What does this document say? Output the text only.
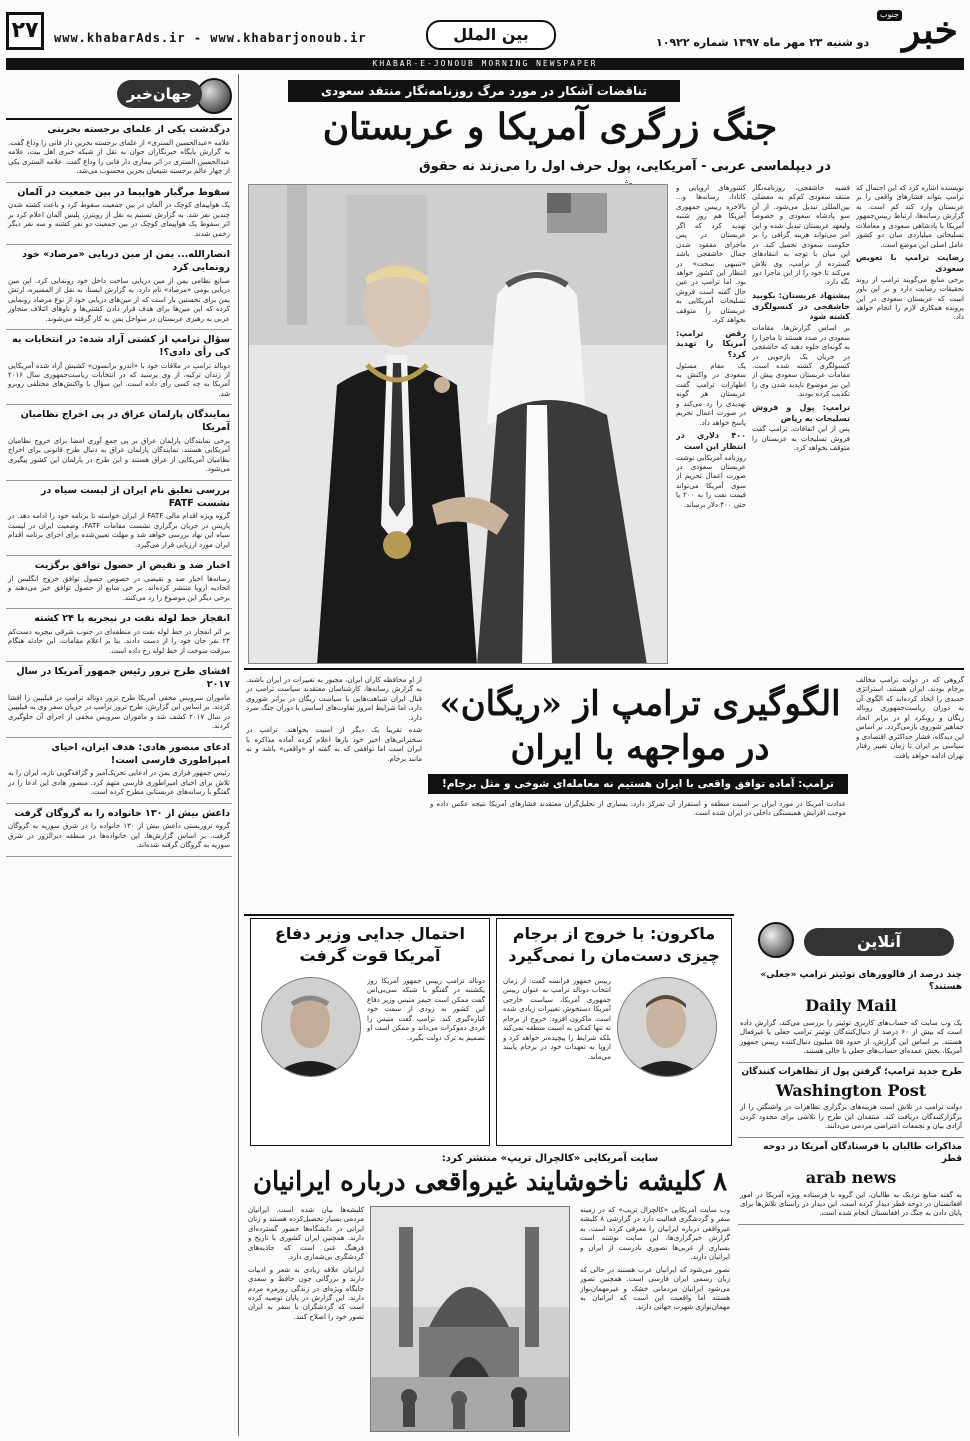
۲۷	www.khabarAds.ir - www.khabarjonoub.ir	بین الملل	دو شنبه ۲۳ مهر ماه ۱۳۹۷ شماره ۱۰۹۲۲ خبر
جنوب
KHABAR-E-JONOUB MORNING NEWSPAPER
جهان‌خبر
درگذشت یکی از علمای برجسته بحرینی

علامه «عبدالحسین الستری» از علمای برجسته بحرین دار فانی را وداع گفت. به گزارش پایگاه خبرنگاران جوان به نقل از شبکه خبری اهل بیت، علامه عبدالحسین الستری در اثر بیماری دار فانی را وداع گفت. علامه الستری یکی از چهار عالم برجسته شیعیان بحرین محسوب می‌شد.

سقوط مرگبار هواپیما در بین جمعیت در آلمان

یک هواپیمای کوچک در آلمان در بین جمعیت سقوط کرد و باعث کشته شدن چندین نفر شد. به گزارش تسنیم به نقل از رویترز، پلیس آلمان اعلام کرد بر اثر سقوط یک هواپیمای کوچک در بین جمعیت دو نفر کشته و سه نفر دیگر زخمی شدند.

انصارالله... یمن از مین دریایی «مرصاد» خود رونمایی کرد

صنایع نظامی یمن از مین دریایی ساخت داخل خود رونمایی کرد. این مین دریایی بومی «مرصاد» نام دارد. به گزارش ایسنا، به نقل از المسیره، ارتش یمن برای نخستین بار است که از مین‌های دریایی خود از نوع مرصاد رونمایی کرده که این مین‌ها برای هدف قرار دادن کشتی‌ها و ناوهای ائتلاف متجاوز عربی به رهبری عربستان در سواحل یمن به کار گرفته می‌شوند.

سؤال ترامپ از کشتی آزاد شده: در انتخابات به کی رأی دادی؟!

دونالد ترامپ در ملاقات خود با «اندرو برانسون» کشیش آزاد شده آمریکایی از زندان ترکیه، از وی پرسید که در انتخابات ریاست‌جمهوری سال ۲۰۱۶ آمریکا به چه کسی رأی داده است. این سؤال با واکنش‌های مختلفی روبرو شد.

نمایندگان پارلمان عراق در پی اخراج نظامیان آمریکا

برخی نمایندگان پارلمان عراق بر پی جمع آوری امضا برای خروج نظامیان آمریکایی هستند. نمایندگان پارلمان عراق به دنبال طرح قانونی برای اخراج نظامیان آمریکایی از عراق هستند و این طرح در پارلمان این کشور پیگیری می‌شود.

بررسی تعلیق نام ایران از لیست سیاه در نشست FATF

گروه ویژه اقدام مالی FATF از ایران خواسته تا برنامه خود را ادامه دهد. در پاریس در جریان برگزاری نشست مقامات FATF، وضعیت ایران در لیست سیاه این نهاد بررسی خواهد شد و مهلت تعیین‌شده برای اجرای برنامه اقدام ایران مورد ارزیابی قرار می‌گیرد.

اخبار ضد و نقیض از حصول توافق برگزیت

رسانه‌ها اخبار ضد و نقیضی در خصوص حصول توافق خروج انگلیس از اتحادیه اروپا منتشر کرده‌اند. بر خی منابع از حصول توافق خبر می‌دهند و برخی دیگر این موضوع را رد می‌کنند.

انفجار خط لوله نفت در نیجریه با ۲۴ کشته

بر اثر انفجار در خط لوله نفت در منطقه‌ای در جنوب شرقی نیجریه دست‌کم ۲۴ نفر جان خود را از دست دادند. بنا بر اعلام مقامات، این حادثه هنگام سرقت سوخت از خط لوله رخ داده است.

افشای طرح ترور رئیس جمهور آمریکا در سال ۲۰۱۷

ماموران سرویس مخفی آمریکا طرح ترور دونالد ترامپ در فیلیپین را افشا کردند. بر اساس این گزارش، طرح ترور ترامپ در جریان سفر وی به فیلیپین در سال ۲۰۱۷ کشف شد و ماموران سرویس مخفی از اجرای آن جلوگیری کردند.

ادعای منصور هادی: هدف ایران، احیای امپراطوری فارسی است!

رئیس جمهور فراری یمن در ادعایی تحریک‌آمیز و گزافه‌گویی تازه، ایران را به تلاش برای احیای امپراطوری فارسی متهم کرد. منصور هادی این ادعا را در گفتگو با رسانه‌های عربستانی مطرح کرده است.

داعش بیش از ۱۳۰ خانواده را به گروگان گرفت

گروه تروریستی داعش بیش از ۱۳۰ خانواده را در شرق سوریه به گروگان گرفت. بر اساس گزارش‌ها، این خانواده‌ها در منطقه دیرالزور در شرق سوریه به گروگان گرفته شده‌اند.

تناقضات آشکار در مورد مرگ روزنامه‌نگار منتقد سعودی
جنگ زرگری آمریکا و عربستان
در دیپلماسی عربی - آمریکایی، پول حرف اول را می‌زند نه حقوق

قضیه خاشقجی، روزنامه‌نگار منتقد سعودی کم‌کم به معضلی بین‌المللی تبدیل می‌شود. از آن سو پادشاه سعودی و خصوصاً ولیعهد عربستان تبدیل شده و این امر می‌تواند هزینه گزافی را بر حکومت سعودی تحمیل کند. در این میان با توجه به انتقادهای گسترده از ترامپ، وی تلاش می‌کند تا خود را از این ماجرا دور نگه دارد.

پیشنهاد عربستان: بکوبید خاشقجی در کنسولگری کشته شود

بر اساس گزارش‌ها، مقامات سعودی در صدد هستند تا ماجرا را به گونه‌ای جلوه دهند که خاشقجی در جریان یک بازجویی در کنسولگری کشته شده است. مقامات عربستان سعودی پیش از این نیز موضوع ناپدید شدن وی را تکذیب کرده بودند.

ترامپ: پول و فروش تسلیحات به ریاض

پس از این اتفاقات، ترامپ گفت فروش تسلیحات به عربستان را متوقف نخواهد کرد.

کشورهای اروپایی و کانادا، رسانه‌ها و... بالاخره رییس جمهوری آمریکا هم روز شنبه تهدید کرد که اگر عربستان در پس ماجرای مفقود شدن جمال خاشقجی باشد «تنبیهی سخت» در انتظار این کشور خواهد بود. اما ترامپ در عین حال گفته است فروش تسلیحات آمریکایی به عربستان را متوقف نخواهد کرد.

رقص ترامپ: آمریکا را تهدید کرد؟

یک مقام مسئول سعودی در واکنش به اظهارات ترامپ گفت عربستان هر گونه تهدیدی را رد می‌کند و در صورت اعمال تحریم پاسخ خواهد داد.

۴۰۰ دلاری در انتظار این است

روزنامه آمریکایی نوشت عربستان سعودی در صورت اعمال تحریم از سوی آمریکا می‌تواند قیمت نفت را به ۲۰۰ یا حتی ۴۰۰ دلار برساند.

نویسنده اشاره کرد که این احتمال که ترامپ بتواند فشارهای واقعی را بر عربستان وارد کند کم است. به گزارش رسانه‌ها، ارتباط رییس‌جمهور آمریکا با پادشاهی سعودی و معاملات تسلیحاتی میلیاردی میان دو کشور عامل اصلی این موضع است.

رضایت ترامپ با تعویض سعودی

برخی منابع می‌گویند ترامپ از روند تحقیقات رضایت دارد و بر این باور است که عربستان سعودی در این پرونده همکاری لازم را انجام خواهد داد.

الگوگیری ترامپ از «ریگان»
در مواجهه با ایران
ترامپ: آماده توافق واقعی با ایران هستیم نه معامله‌ای شوخی و مثل برجام!

گروهی که در دولت ترامپ مخالف برجام بودند، ایران هستند. استراتژی جدیدی را اتخاذ کرده‌اند که الگوی آن به دوران ریاست‌جمهوری رونالد ریگان و رویکرد او در برابر اتحاد جماهیر شوروی بازمی‌گردد. بر اساس این دیدگاه، فشار حداکثری اقتصادی و سیاسی بر ایران تا زمان تغییر رفتار تهران ادامه خواهد یافت.

از او محافظه کاران ایران، مجبور به تغییرات در ایران باشند. به گزارش رسانه‌ها، کارشناسان معتقدند سیاست ترامپ در قبال ایران شباهت‌هایی با سیاست ریگان در برابر شوروی دارد، اما شرایط امروز تفاوت‌های اساسی با دوران جنگ سرد دارد.

شده تقریبا یک دیگر از امنیت بخواهند. ترامپ در سخنرانی‌های اخیر خود بارها اعلام کرده آماده مذاکره با ایران است اما توافقی که به گفته او «واقعی» باشد و نه مانند برجام.

عدادت آمریکا در مورد ایران بر امنیت منطقه و استقرار آن تمرکز دارد. بسیاری از تحلیل‌گران معتقدند فشارهای آمریکا نتیجه عکس داده و موجب افزایش همبستگی داخلی در ایران شده است.

ماکرون: با خروج از برجام چیزی دست‌مان را نمی‌گیرد

رییس جمهور فرانسه گفت: از زمان انتخاب دونالد ترامپ به عنوان رییس جمهوری آمریکا، سیاست خارجی آمریکا دستخوش تغییرات زیادی شده است. ماکرون افزود: خروج از برجام نه تنها کمکی به امنیت منطقه نمی‌کند بلکه شرایط را پیچیده‌تر خواهد کرد و اروپا به تعهدات خود در برجام پایبند می‌ماند.

احتمال جدایی وزیر دفاع آمریکا قوت گرفت

دونالد ترامپ رییس جمهور آمریکا روز یکشنبه در گفتگو با شبکه سی‌بی‌اس گفت ممکن است جیمز متیس وزیر دفاع این کشور به زودی از سمت خود کناره‌گیری کند. ترامپ گفت متیس را فردی دموکرات می‌داند و ممکن است او تصمیم به ترک دولت بگیرد.

آنلاین
چند درصد از فالوورهای توئیتر ترامپ «جعلی» هستند؟
Daily Mail

یک وب سایت که حساب‌های کاربری توئیتر را بررسی می‌کند، گزارش داده است که بیش از ۶۰ درصد از دنبال‌کنندگان توئیتر ترامپ جعلی یا غیرفعال هستند. بر اساس این گزارش، از حدود ۵۵ میلیون دنبال‌کننده رییس جمهور آمریکا، بخش عمده‌ای حساب‌های جعلی یا خالی هستند.

طرح جدید ترامپ؛ گرفتن پول از تظاهرات کنندگان
Washington Post

دولت ترامپ در تلاش است هزینه‌های برگزاری تظاهرات در واشنگتن را از برگزارکنندگان دریافت کند. منتقدان این طرح را تلاشی برای محدود کردن آزادی بیان و تجمعات اعتراضی مردمی می‌دانند.

مذاکرات طالبان با فرستادگان آمریکا در دوحه قطر
arab news

به گفته منابع نزدیک به طالبان، این گروه با فرستاده ویژه آمریکا در امور افغانستان در دوحه قطر دیدار کرده است. این دیدار در راستای تلاش‌ها برای پایان دادن به جنگ در افغانستان انجام شده است.

سایت آمریکایی «کالچرال تریپ» منتشر کرد:
۸ کلیشه ناخوشایند غیرواقعی درباره ایرانیان

وب سایت آمریکایی «کالچرال تریپ» که در زمینه سفر و گردشگری فعالیت دارد در گزارشی ۸ کلیشه غیرواقعی درباره ایرانیان را معرفی کرده است. به گزارش خبرگزاری‌ها، این سایت نوشته است بسیاری از غربی‌ها تصوری نادرست از ایران و ایرانیان دارند.

تصور می‌شود که ایرانیان عرب هستند در حالی که زبان رسمی ایران فارسی است. همچنین تصور می‌شود ایرانیان مردمانی خشک و غیرمهمان‌نواز هستند اما واقعیت این است که ایرانیان به مهمان‌نوازی شهرت جهانی دارند.

کلیشه‌ها بیان شده است. ایرانیان مردمی بسیار تحصیل‌کرده هستند و زنان ایرانی در دانشگاه‌ها حضور گسترده‌ای دارند. همچنین ایران کشوری با تاریخ و فرهنگ غنی است که جاذبه‌های گردشگری بی‌شماری دارد.

ایرانیان علاقه زیادی به شعر و ادبیات دارند و بزرگانی چون حافظ و سعدی جایگاه ویژه‌ای در زندگی روزمره مردم دارند. این گزارش در پایان توصیه کرده است که گردشگران با سفر به ایران تصور خود را اصلاح کنند.
